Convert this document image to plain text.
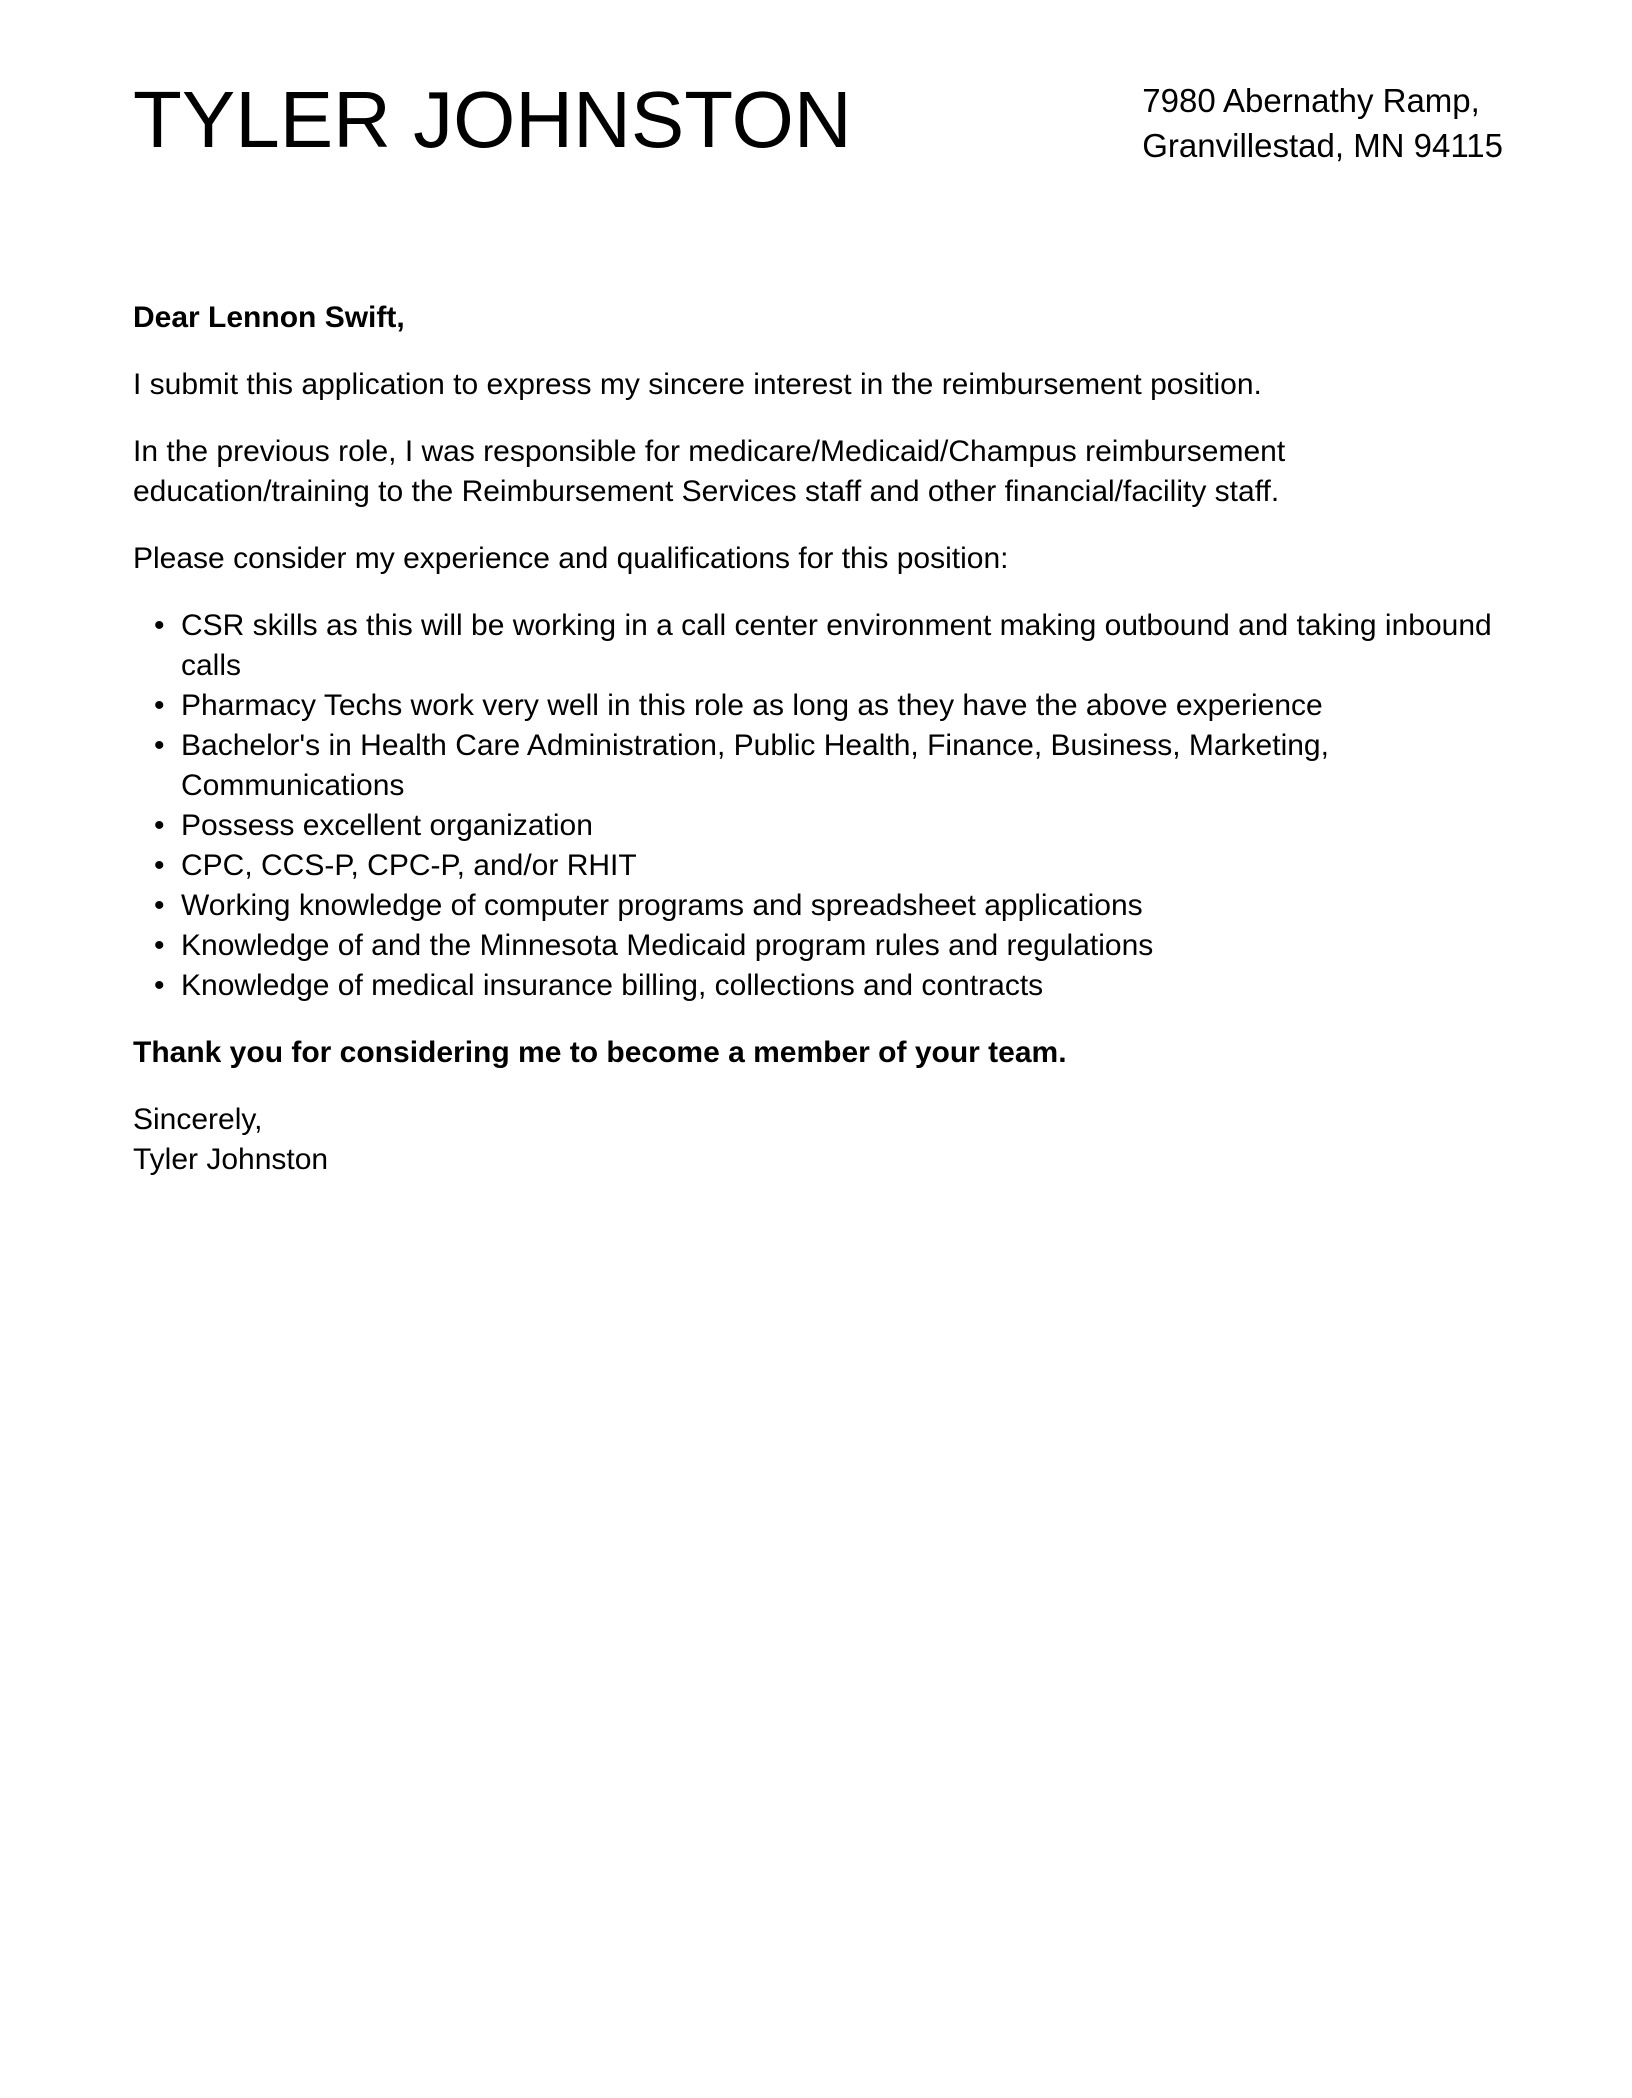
TYLER JOHNSTON	7980 Abernathy Ramp,
Granvillestad, MN 94115

Dear Lennon Swift,

I submit this application to express my sincere interest in the reimbursement position.

In the previous role, I was responsible for medicare/Medicaid/Champus reimbursement education/training to the Reimbursement Services staff and other financial/facility staff.

Please consider my experience and qualifications for this position:

• CSR skills as this will be working in a call center environment making outbound and taking inbound calls
• Pharmacy Techs work very well in this role as long as they have the above experience
• Bachelor's in Health Care Administration, Public Health, Finance, Business, Marketing, Communications
• Possess excellent organization
• CPC, CCS-P, CPC-P, and/or RHIT
• Working knowledge of computer programs and spreadsheet applications
• Knowledge of and the Minnesota Medicaid program rules and regulations
• Knowledge of medical insurance billing, collections and contracts

Thank you for considering me to become a member of your team.

Sincerely,
Tyler Johnston
